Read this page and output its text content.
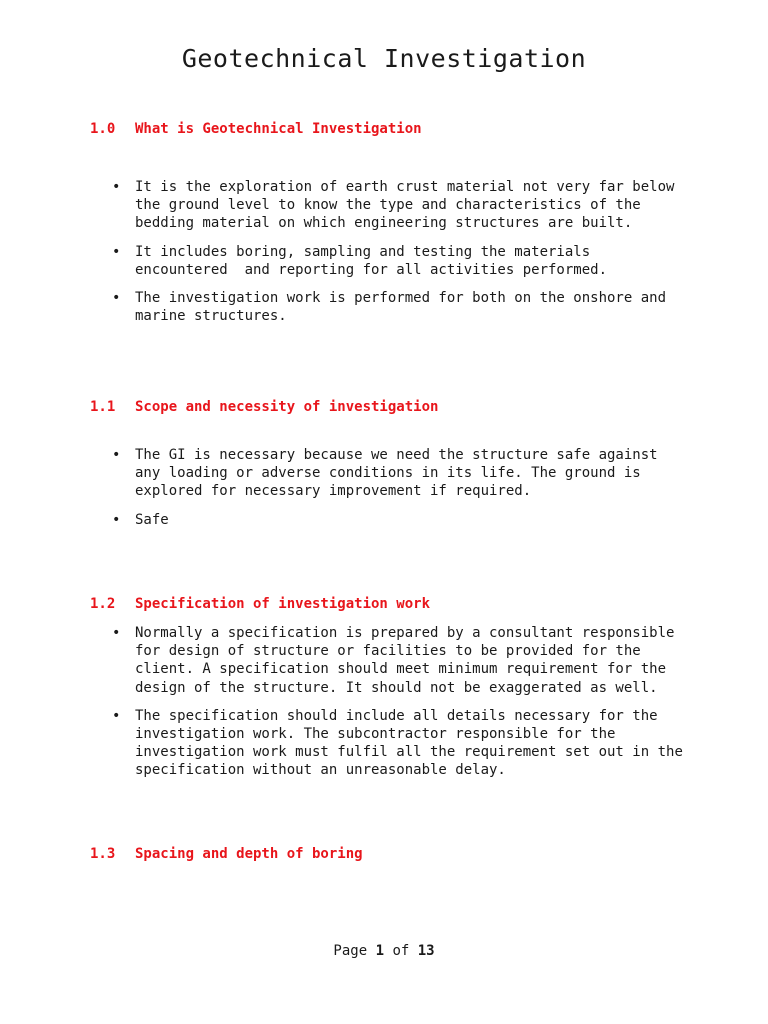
Geotechnical Investigation
1.0 What is Geotechnical Investigation
• It is the exploration of earth crust material not very far below
the ground level to know the type and characteristics of the
bedding material on which engineering structures are built.
• It includes boring, sampling and testing the materials
encountered  and reporting for all activities performed.
• The investigation work is performed for both on the onshore and
marine structures.
1.1 Scope and necessity of investigation
• The GI is necessary because we need the structure safe against
any loading or adverse conditions in its life. The ground is
explored for necessary improvement if required.
• Safe
1.2 Specification of investigation work
• Normally a specification is prepared by a consultant responsible
for design of structure or facilities to be provided for the
client. A specification should meet minimum requirement for the
design of the structure. It should not be exaggerated as well.
• The specification should include all details necessary for the
investigation work. The subcontractor responsible for the
investigation work must fulfil all the requirement set out in the
specification without an unreasonable delay.
1.3 Spacing and depth of boring
Page 1 of 13
